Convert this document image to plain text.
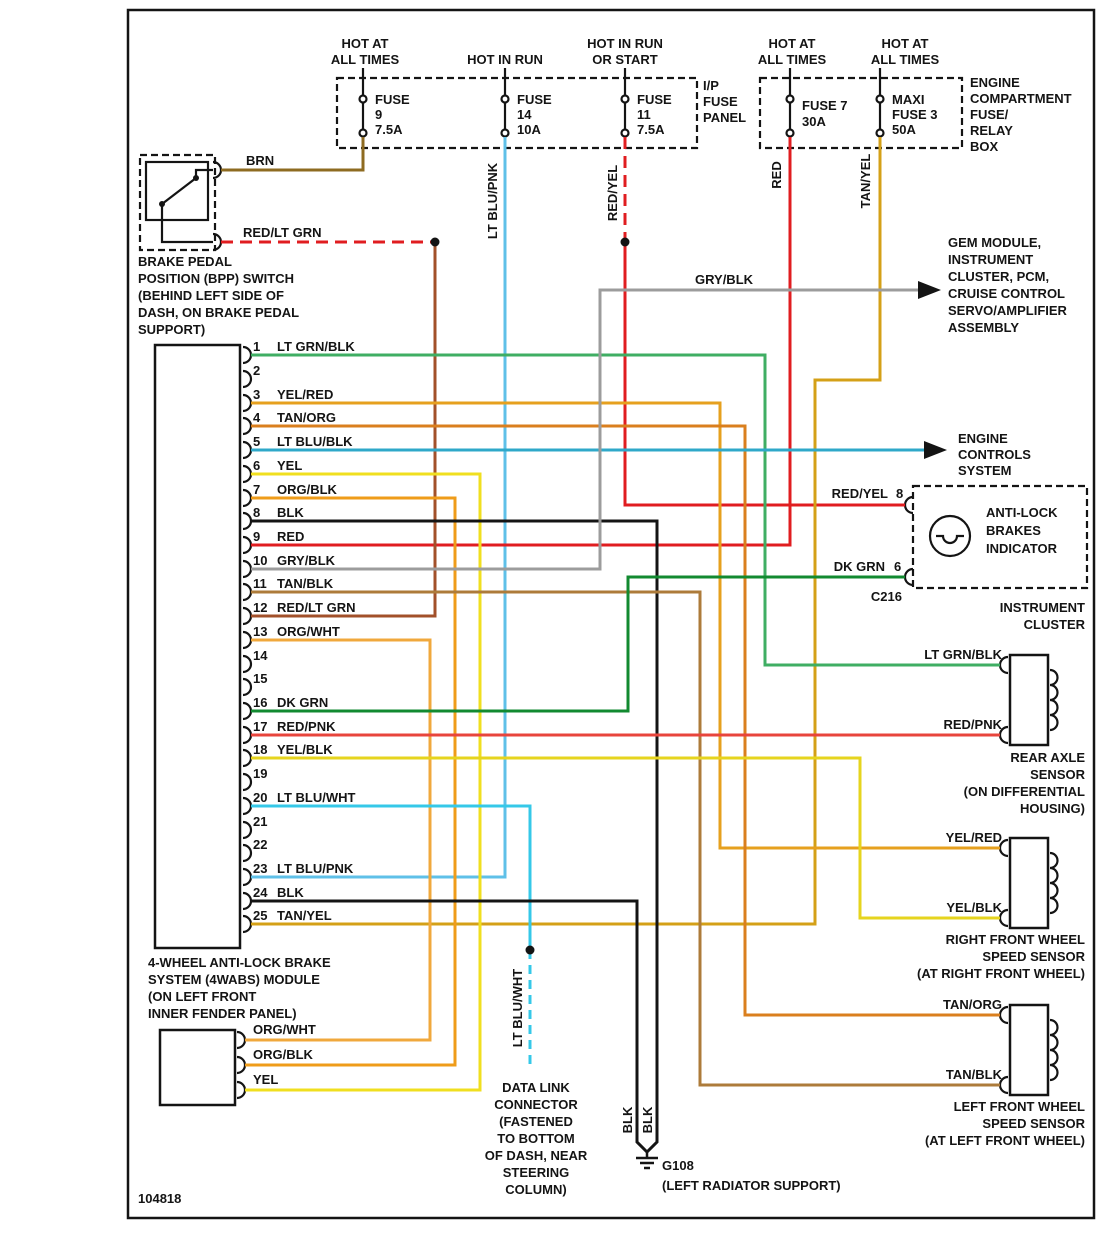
HOT AT ALL TIMES	HOT IN RUN
HOT IN RUN OR START
HOT AT ALL TIMES
HOT AT ALL TIMES
FUSE 9 7.5A
FUSE 14 10A
FUSE 11 7.5A
FUSE 7 30A
MAXI FUSE 3 50A
I/P FUSE PANEL
ENGINE COMPARTMENT FUSE/ RELAY BOX
BRAKE PEDAL POSITION (BPP) SWITCH (BEHIND LEFT SIDE OF DASH, ON BRAKE PEDAL SUPPORT)
4-WHEEL ANTI-LOCK BRAKE SYSTEM (4WABS) MODULE (ON LEFT FRONT INNER FENDER PANEL)
1 LT GRN/BLK
2
3 YEL/RED
4 TAN/ORG
5 LT BLU/BLK
6 YEL
7 ORG/BLK
8 BLK
9 RED
10 GRY/BLK
11 TAN/BLK
12 RED/LT GRN
13 ORG/WHT
14
15
16 DK GRN
17 RED/PNK
18 YEL/BLK
19
20 LT BLU/WHT
21
22
23 LT BLU/PNK
24 BLK
25 TAN/YEL
ORG/WHT
ORG/BLK
YEL
ANTI-LOCK BRAKES INDICATOR
RED/YEL 8
DK GRN 6
C216
INSTRUMENT CLUSTER
LT GRN/BLK
RED/PNK
REAR AXLE SENSOR (ON DIFFERENTIAL HOUSING)
YEL/RED
YEL/BLK
RIGHT FRONT WHEEL SPEED SENSOR (AT RIGHT FRONT WHEEL)
TAN/ORG
TAN/BLK
LEFT FRONT WHEEL SPEED SENSOR (AT LEFT FRONT WHEEL)
GEM MODULE, INSTRUMENT CLUSTER, PCM, CRUISE CONTROL SERVO/AMPLIFIER ASSEMBLY
ENGINE CONTROLS SYSTEM
G108
(LEFT RADIATOR SUPPORT)
BRN
RED/LT GRN
GRY/BLK
LT BLU/PNK	RED/YEL	RED	TAN/YEL
LT BLU/WHT
BLK BLK
DATA LINK CONNECTOR (FASTENED TO BOTTOM OF DASH, NEAR STEERING COLUMN)
104818
